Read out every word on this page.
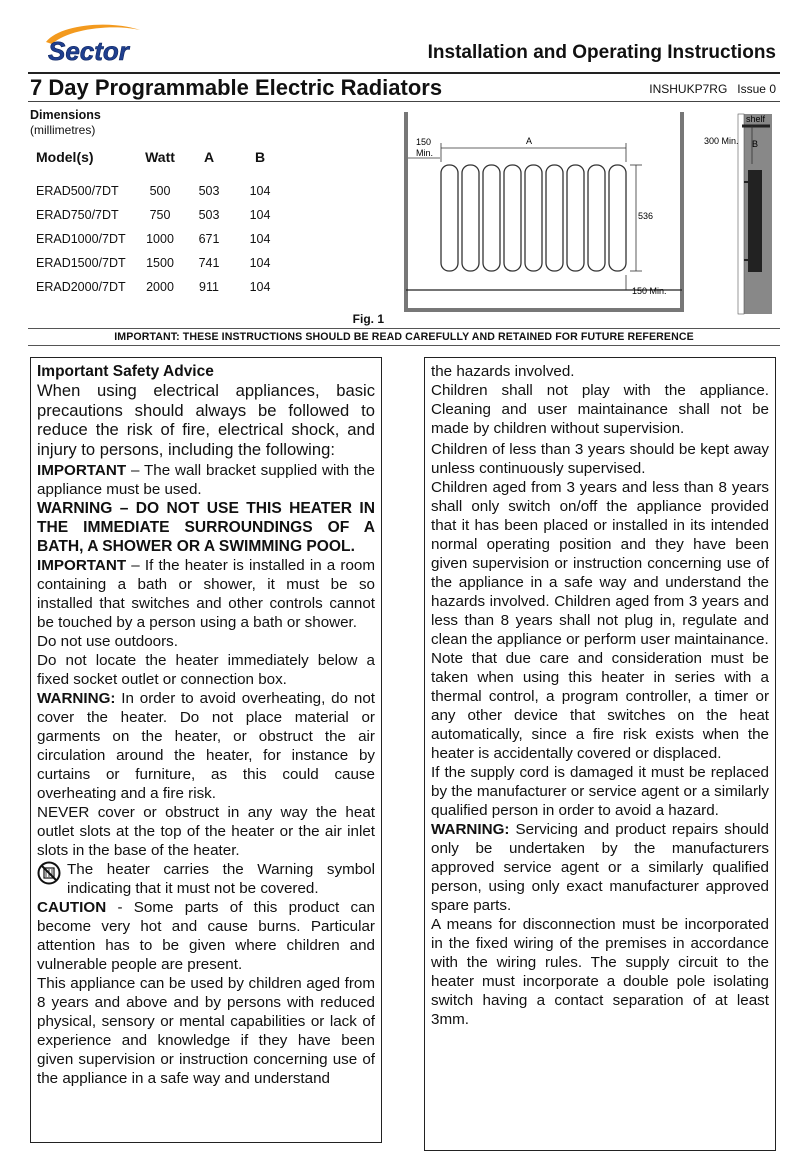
Sector	Installation and Operating Instructions
7 Day Programmable Electric Radiators	INSHUKP7RG Issue 0
Dimensions
(millimetres)
Model(s)	Watt	A	B

ERAD500/7DT	500	503	104
ERAD750/7DT	750	503	104
ERAD1000/7DT	1000	671	104
ERAD1500/7DT	1500	741	104
ERAD2000/7DT	2000	911	104
150
Min.
A
536
150 Min.
shelf
300 Min. B
Fig. 1
IMPORTANT: THESE INSTRUCTIONS SHOULD BE READ CAREFULLY AND RETAINED FOR FUTURE REFERENCE

Important Safety Advice

When using electrical appliances, basic precautions should always be followed to reduce the risk of fire, electrical shock, and injury to persons, including the following:

IMPORTANT – The wall bracket supplied with the appliance must be used.

WARNING – DO NOT USE THIS HEATER IN THE IMMEDIATE SURROUNDINGS OF A BATH, A SHOWER OR A SWIMMING POOL.

IMPORTANT – If the heater is installed in a room containing a bath or shower, it must be so installed that switches and other controls cannot be touched by a person using a bath or shower.

Do not use outdoors.

Do not locate the heater immediately below a fixed socket outlet or connection box.

WARNING: In order to avoid overheating, do not cover the heater. Do not place material or garments on the heater, or obstruct the air circulation around the heater, for instance by curtains or furniture, as this could cause overheating and a fire risk.

NEVER cover or obstruct in any way the heat outlet slots at the top of the heater or the air inlet slots in the base of the heater.

The heater carries the Warning symbol indicating that it must not be covered.

CAUTION - Some parts of this product can become very hot and cause burns. Particular attention has to be given where children and vulnerable people are present.

This appliance can be used by children aged from 8 years and above and by persons with reduced physical, sensory or mental capabilities or lack of experience and knowledge if they have been given supervision or instruction concerning use of the appliance in a safe way and understand

the hazards involved.

Children shall not play with the appliance. Cleaning and user maintainance shall not be made by children without supervision.

Children of less than 3 years should be kept away unless continuously supervised.

Children aged from 3 years and less than 8 years shall only switch on/off the appliance provided that it has been placed or installed in its intended normal operating position and they have been given supervision or instruction concerning use of the appliance in a safe way and understand the hazards involved. Children aged from 3 years and less than 8 years shall not plug in, regulate and clean the appliance or perform user maintainance.

Note that due care and consideration must be taken when using this heater in series with a thermal control, a program controller, a timer or any other device that switches on the heat automatically, since a fire risk exists when the heater is accidentally covered or displaced.

If the supply cord is damaged it must be replaced by the manufacturer or service agent or a similarly qualified person in order to avoid a hazard.

WARNING: Servicing and product repairs should only be undertaken by the manufacturers approved service agent or a similarly qualified person, using only exact manufacturer approved spare parts.

A means for disconnection must be incorporated in the fixed wiring of the premises in accordance with the wiring rules. The supply circuit to the heater must incorporate a double pole isolating switch having a contact separation of at least 3mm.
